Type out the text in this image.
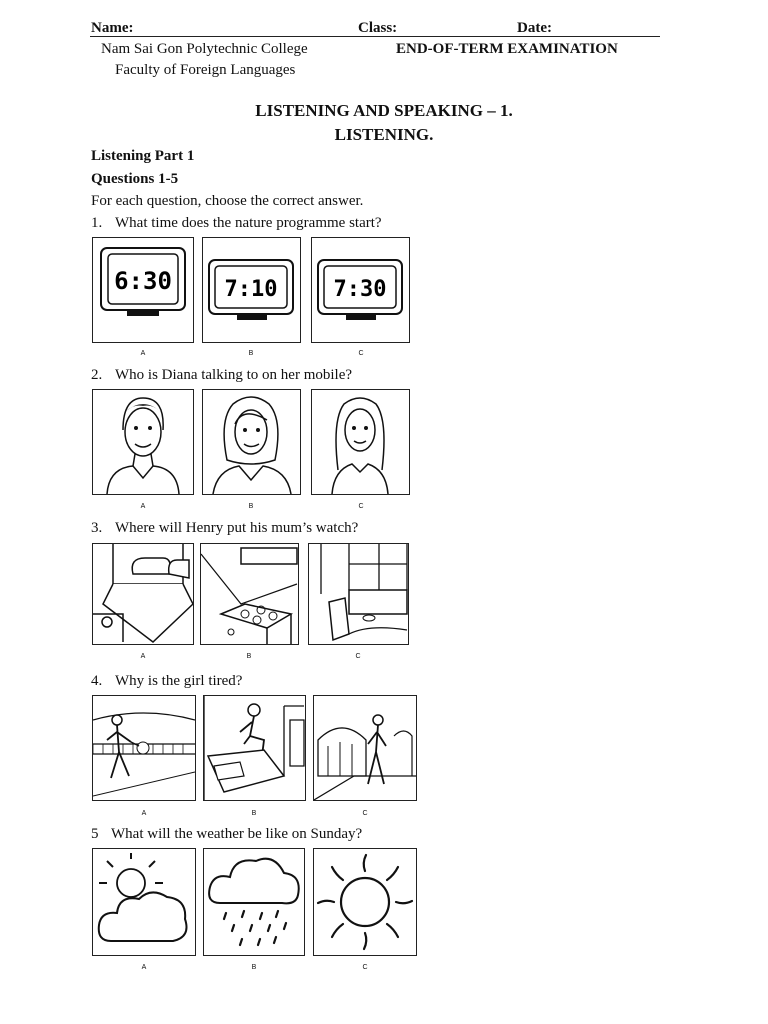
Name:	Class:	Date:
Nam Sai Gon Polytechnic College
Faculty of Foreign Languages
END-OF-TERM EXAMINATION
LISTENING AND SPEAKING – 1.
LISTENING.
Listening Part 1
Questions 1-5
For each question, choose the correct answer.
1. What time does the nature programme start?
6:30 7:10	7:30
A	B	C
2. Who is Diana talking to on her mobile?
A	B	C
3. Where will Henry put his mum’s watch?
A	B	C
4. Why is the girl tired?
A	B	C
5 What will the weather be like on Sunday?
A	B	C
